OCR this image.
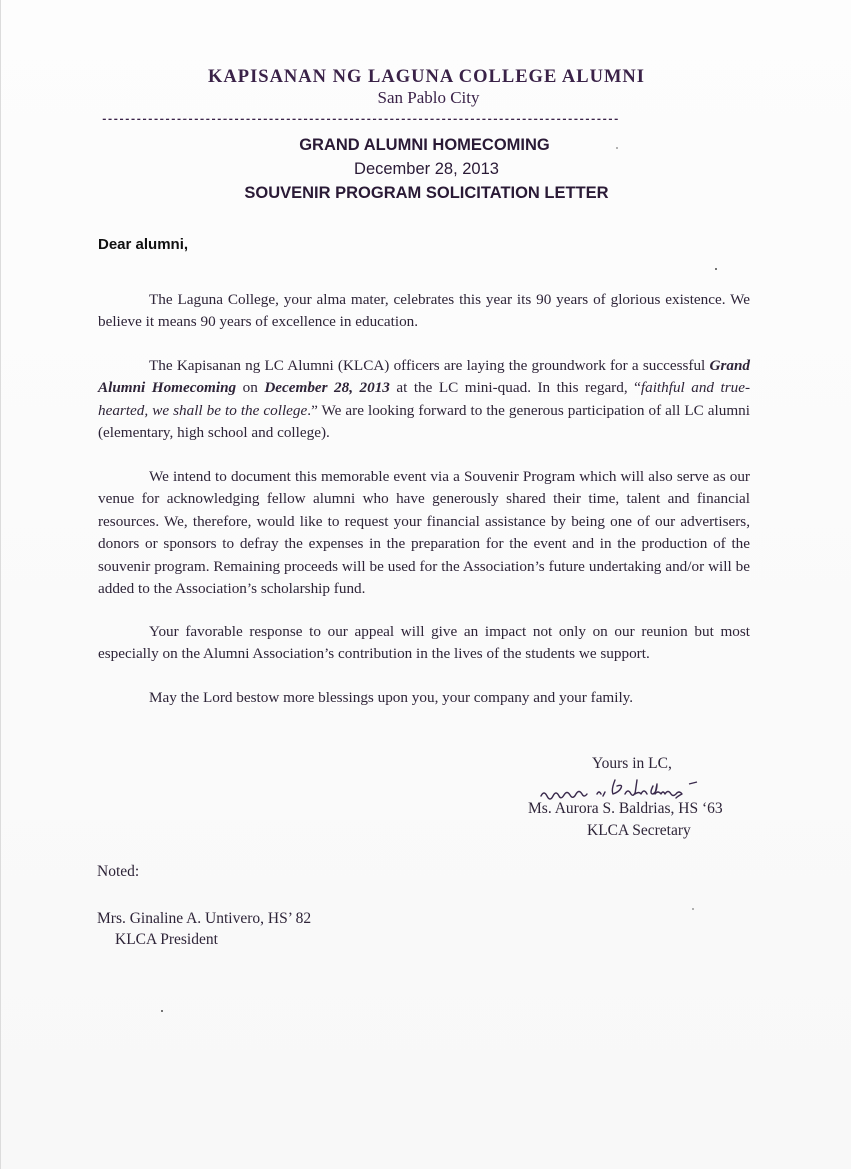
KAPISANAN NG LAGUNA COLLEGE ALUMNI
San Pablo City
------------------------------------------------------------------------------------------
GRAND ALUMNI HOMECOMING
December 28, 2013
SOUVENIR PROGRAM SOLICITATION LETTER
Dear alumni,

The Laguna College, your alma mater, celebrates this year its 90 years of glorious existence. We believe it means 90 years of excellence in education.

The Kapisanan ng LC Alumni (KLCA) officers are laying the groundwork for a successful Grand Alumni Homecoming on December 28, 2013 at the LC mini-quad. In this regard, “faithful and true-hearted, we shall be to the college.” We are looking forward to the generous participation of all LC alumni (elementary, high school and college).

We intend to document this memorable event via a Souvenir Program which will also serve as our venue for acknowledging fellow alumni who have generously shared their time, talent and financial resources. We, therefore, would like to request your financial assistance by being one of our advertisers, donors or sponsors to defray the expenses in the preparation for the event and in the production of the souvenir program. Remaining proceeds will be used for the Association’s future undertaking and/or will be added to the Association’s scholarship fund.

Your favorable response to our appeal will give an impact not only on our reunion but most especially on the Alumni Association’s contribution in the lives of the students we support.

May the Lord bestow more blessings upon you, your company and your family.

Yours in LC,
Ms. Aurora S. Baldrias, HS ‘63
KLCA Secretary
Noted:
Mrs. Ginaline A. Untivero, HS’ 82
KLCA President
